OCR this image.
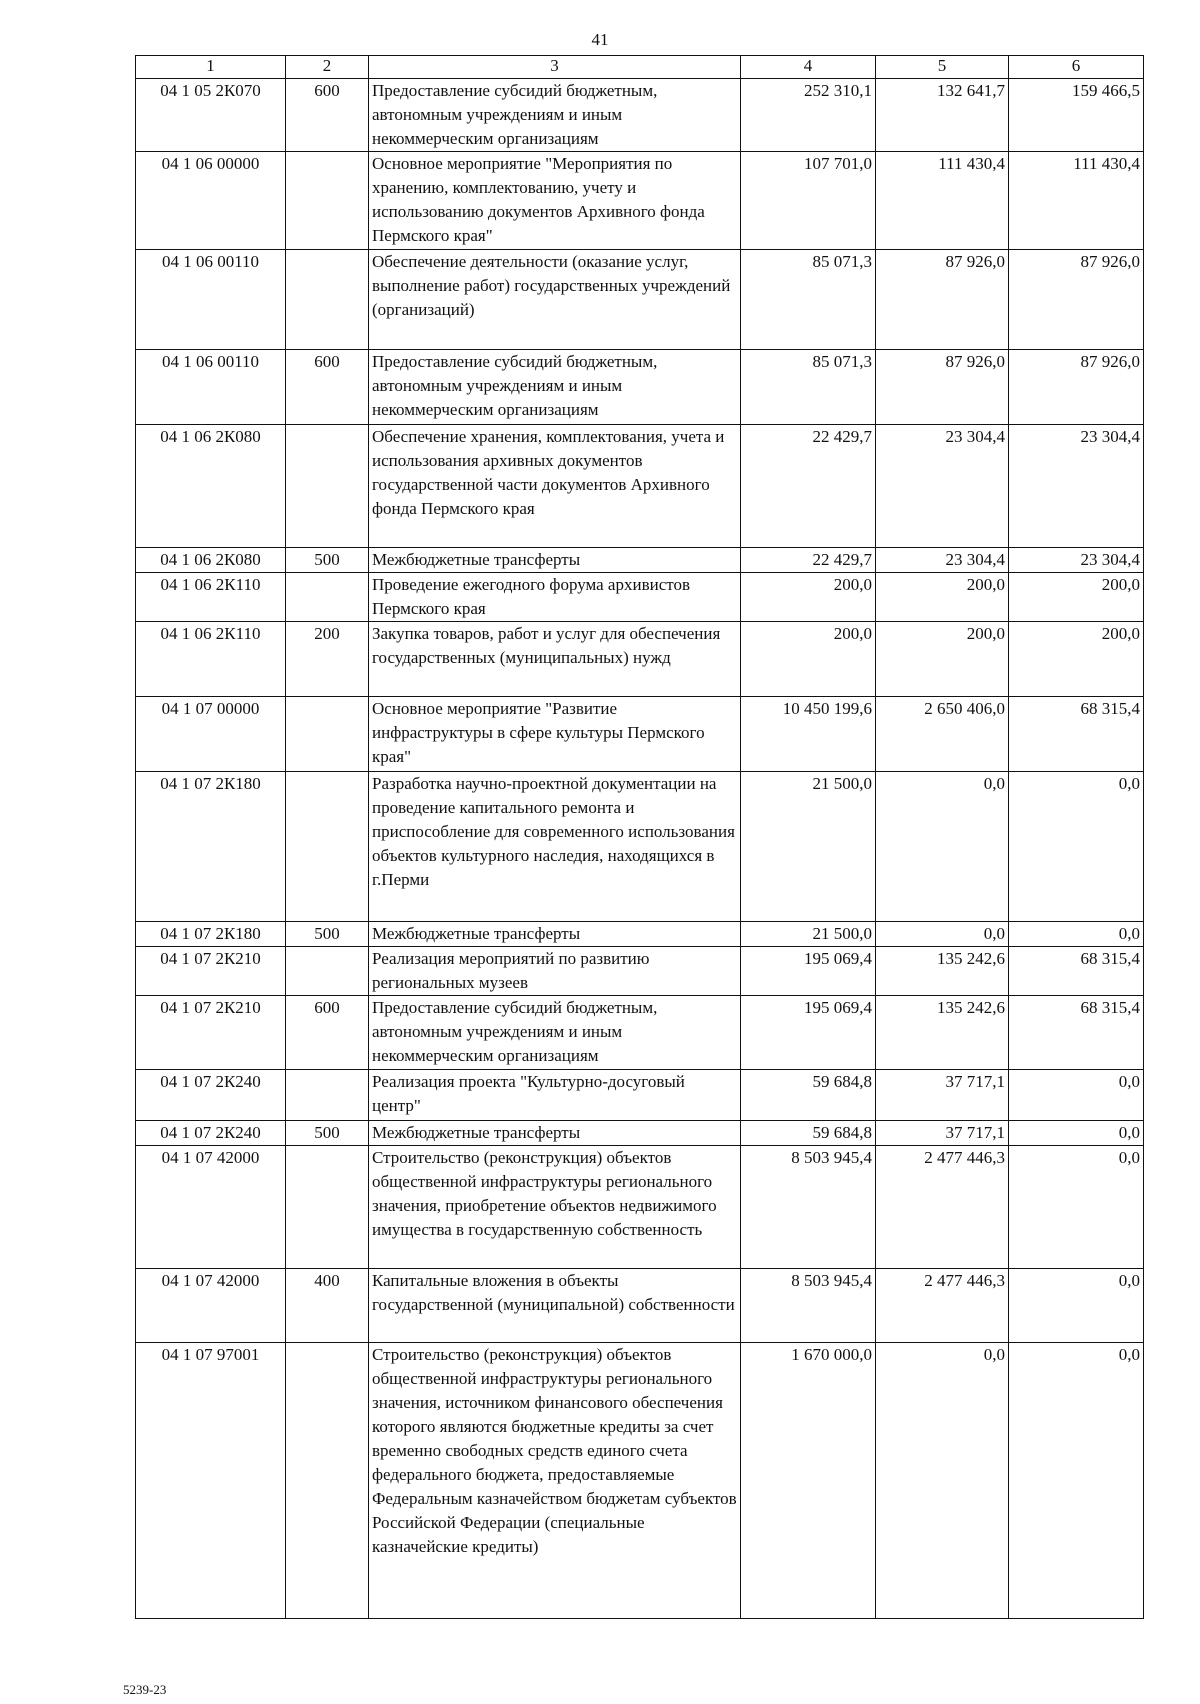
41
1	2	3	4	5	6
04 1 05 2К070	600	Предоставление субсидий бюджетным, автономным учреждениям и иным некоммерческим организациям	252 310,1	132 641,7	159 466,5
04 1 06 00000		Основное мероприятие "Мероприятия по хранению, комплектованию, учету и использованию документов Архивного фонда Пермского края"	107 701,0	111 430,4	111 430,4
04 1 06 00110		Обеспечение деятельности (оказание услуг, выполнение работ) государственных учреждений (организаций)	85 071,3	87 926,0	87 926,0
04 1 06 00110	600	Предоставление субсидий бюджетным, автономным учреждениям и иным некоммерческим организациям	85 071,3	87 926,0	87 926,0
04 1 06 2К080		Обеспечение хранения, комплектования, учета и использования архивных документов государственной части документов Архивного фонда Пермского края	22 429,7	23 304,4	23 304,4
04 1 06 2К080	500	Межбюджетные трансферты	22 429,7	23 304,4	23 304,4
04 1 06 2К110		Проведение ежегодного форума архивистов Пермского края	200,0	200,0	200,0
04 1 06 2К110	200	Закупка товаров, работ и услуг для обеспечения государственных (муниципальных) нужд	200,0	200,0	200,0
04 1 07 00000		Основное мероприятие "Развитие инфраструктуры в сфере культуры Пермского края"	10 450 199,6	2 650 406,0	68 315,4
04 1 07 2К180		Разработка научно-проектной документации на проведение капитального ремонта и приспособление для современного использования объектов культурного наследия, находящихся в г.Перми	21 500,0	0,0	0,0
04 1 07 2К180	500	Межбюджетные трансферты	21 500,0	0,0	0,0
04 1 07 2К210		Реализация мероприятий по развитию региональных музеев	195 069,4	135 242,6	68 315,4
04 1 07 2К210	600	Предоставление субсидий бюджетным, автономным учреждениям и иным некоммерческим организациям	195 069,4	135 242,6	68 315,4
04 1 07 2К240		Реализация проекта "Культурно-досуговый центр"	59 684,8	37 717,1	0,0
04 1 07 2К240	500	Межбюджетные трансферты	59 684,8	37 717,1	0,0
04 1 07 42000		Строительство (реконструкция) объектов общественной инфраструктуры регионального значения, приобретение объектов недвижимого имущества в государственную собственность	8 503 945,4	2 477 446,3	0,0
04 1 07 42000	400	Капитальные вложения в объекты государственной (муниципальной) собственности	8 503 945,4	2 477 446,3	0,0
04 1 07 97001		Строительство (реконструкция) объектов общественной инфраструктуры регионального значения, источником финансового обеспечения которого являются бюджетные кредиты за счет временно свободных средств единого счета федерального бюджета, предоставляемые Федеральным казначейством бюджетам субъектов Российской Федерации (специальные казначейские кредиты)	1 670 000,0	0,0	0,0
5239-23
